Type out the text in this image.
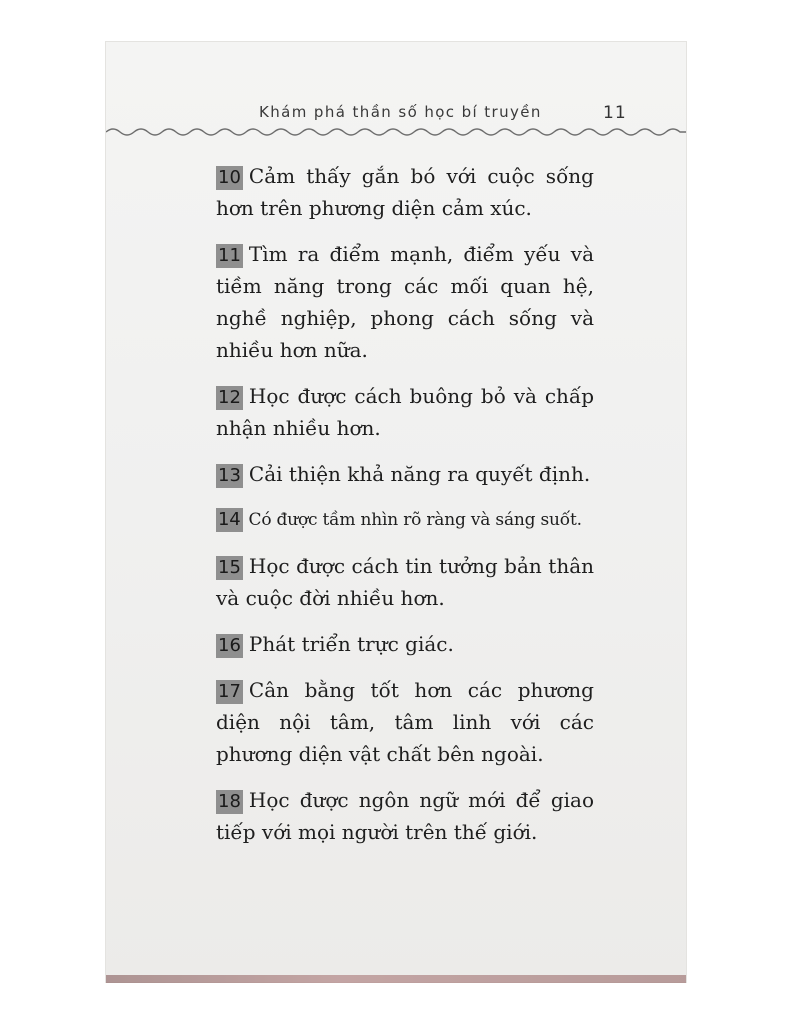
Khám phá thần số học bí truyền	11
10 Cảm thấy gắn bó với cuộc sống hơn trên phương diện cảm xúc.
11 Tìm ra điểm mạnh, điểm yếu và tiềm năng trong các mối quan hệ, nghề nghiệp, phong cách sống và nhiều hơn nữa.
12 Học được cách buông bỏ và chấp nhận nhiều hơn.
13 Cải thiện khả năng ra quyết định.
14 Có được tầm nhìn rõ ràng và sáng suốt.
15 Học được cách tin tưởng bản thân và cuộc đời nhiều hơn.
16 Phát triển trực giác.
17 Cân bằng tốt hơn các phương diện nội tâm, tâm linh với các phương diện vật chất bên ngoài.
18 Học được ngôn ngữ mới để giao tiếp với mọi người trên thế giới.
